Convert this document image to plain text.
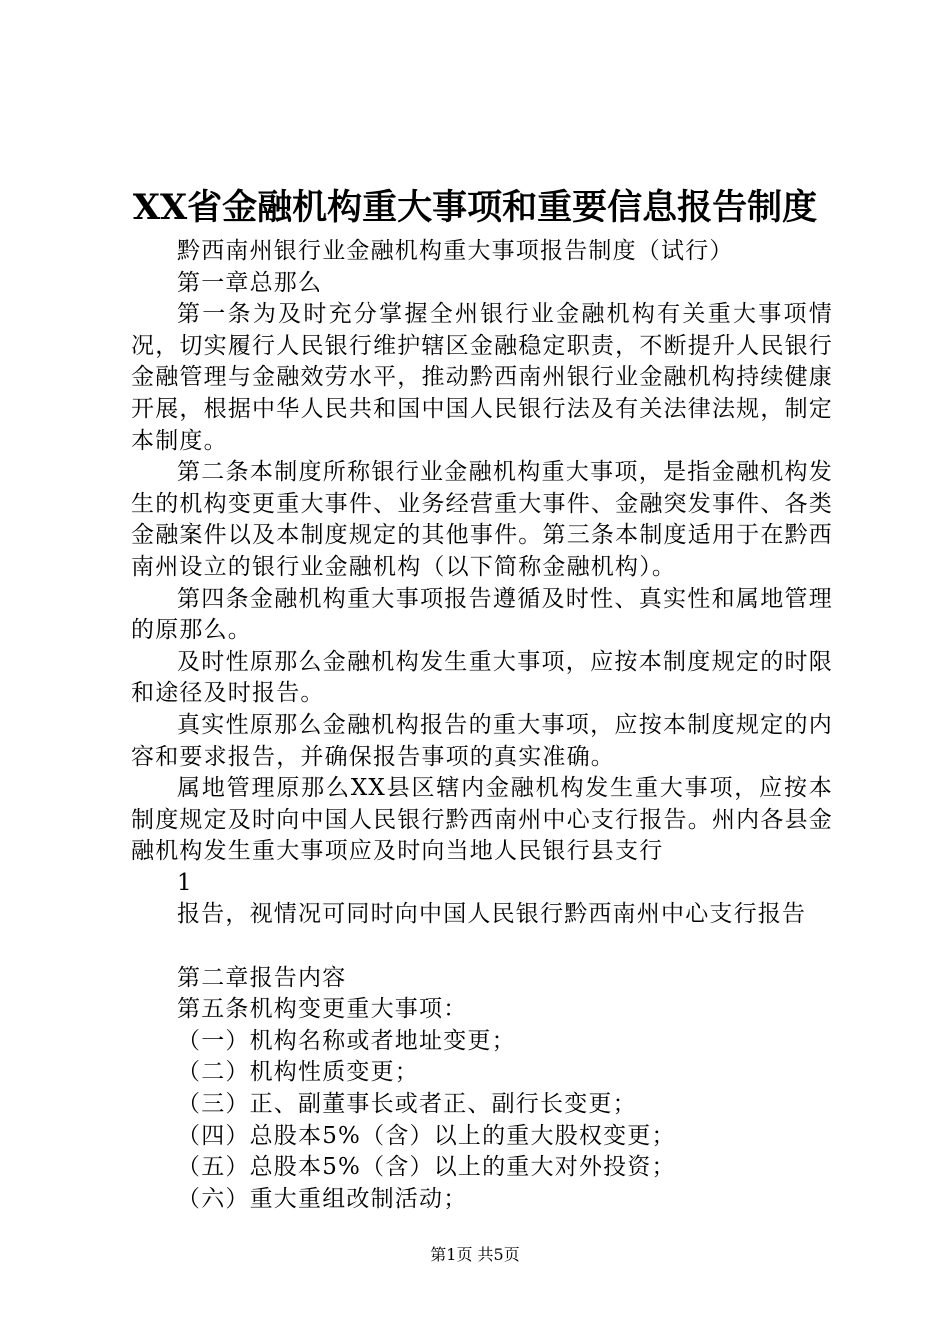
XX省金融机构重大事项和重要信息报告制度

黔西南州银行业金融机构重大事项报告制度（试行）

第一章总那么

第一条为及时充分掌握全州银行业金融机构有关重大事项情况，切实履行人民银行维护辖区金融稳定职责，不断提升人民银行金融管理与金融效劳水平，推动黔西南州银行业金融机构持续健康开展，根据中华人民共和国中国人民银行法及有关法律法规，制定本制度。

第二条本制度所称银行业金融机构重大事项，是指金融机构发生的机构变更重大事件、业务经营重大事件、金融突发事件、各类金融案件以及本制度规定的其他事件。第三条本制度适用于在黔西南州设立的银行业金融机构（以下简称金融机构）。

第四条金融机构重大事项报告遵循及时性、真实性和属地管理的原那么。

及时性原那么金融机构发生重大事项，应按本制度规定的时限和途径及时报告。

真实性原那么金融机构报告的重大事项，应按本制度规定的内容和要求报告，并确保报告事项的真实准确。

属地管理原那么XX县区辖内金融机构发生重大事项，应按本制度规定及时向中国人民银行黔西南州中心支行报告。州内各县金融机构发生重大事项应及时向当地人民银行县支行

1

报告，视情况可同时向中国人民银行黔西南州中心支行报告

第二章报告内容

第五条机构变更重大事项：

（一）机构名称或者地址变更；

（二）机构性质变更；

（三）正、副董事长或者正、副行长变更；

（四）总股本5%（含）以上的重大股权变更；

（五）总股本5%（含）以上的重大对外投资；

（六）重大重组改制活动；

第1页 共5页
